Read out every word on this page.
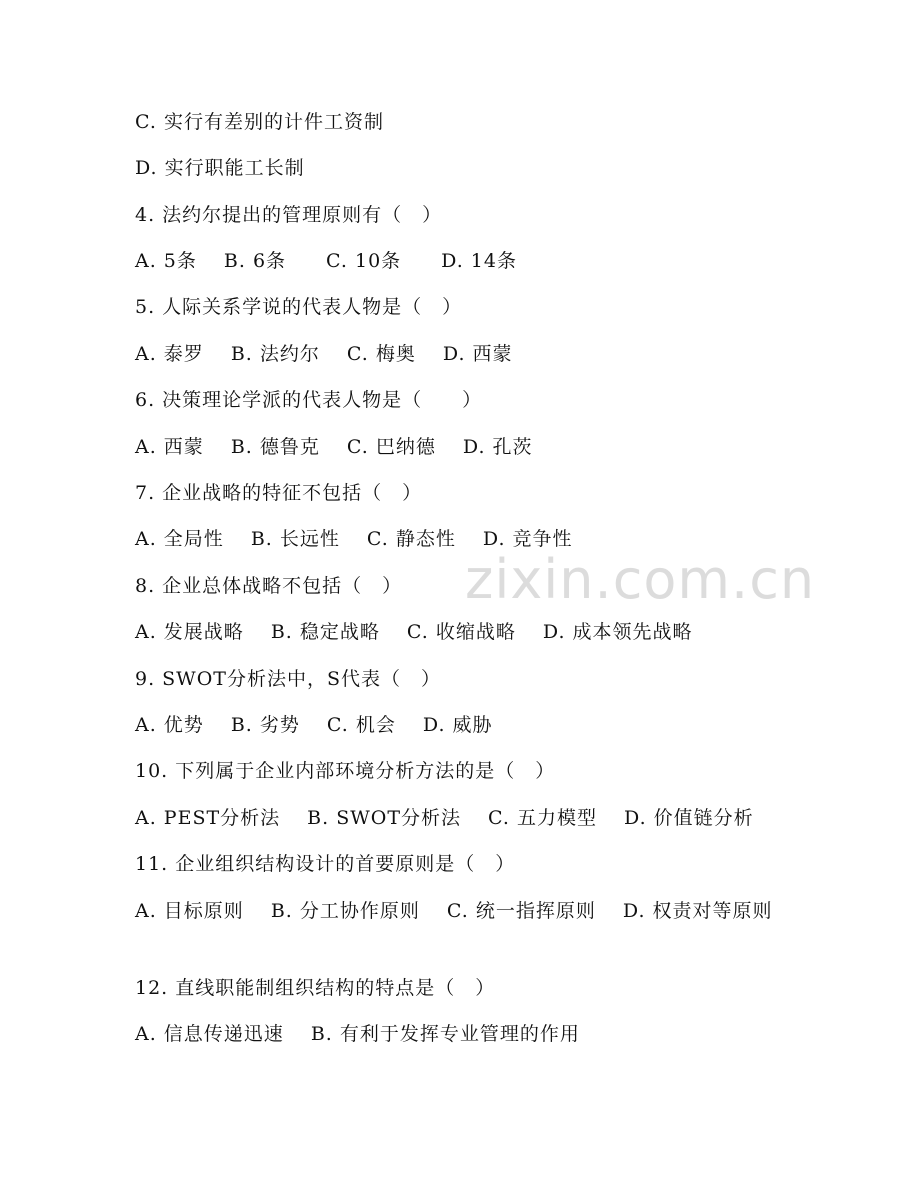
zixin.com.cn
C. 实行有差别的计件工资制
D. 实行职能工长制
4. 法约尔提出的管理原则有（　）
A. 5条　 B. 6条　　C. 10条　　D. 14条
5. 人际关系学说的代表人物是（　）
A. 泰罗　 B. 法约尔　 C. 梅奥　 D. 西蒙
6. 决策理论学派的代表人物是（　　）
A. 西蒙　 B. 德鲁克　 C. 巴纳德　 D. 孔茨
7. 企业战略的特征不包括（　）
A. 全局性　 B. 长远性　 C. 静态性　 D. 竞争性
8. 企业总体战略不包括（　）
A. 发展战略　 B. 稳定战略　 C. 收缩战略　 D. 成本领先战略
9. SWOT分析法中，S代表（　）
A. 优势　 B. 劣势　 C. 机会　 D. 威胁
10. 下列属于企业内部环境分析方法的是（　）
A. PEST分析法　 B. SWOT分析法　 C. 五力模型　 D. 价值链分析
11. 企业组织结构设计的首要原则是（　）
A. 目标原则　 B. 分工协作原则　 C. 统一指挥原则　 D. 权责对等原则
12. 直线职能制组织结构的特点是（　）
A. 信息传递迅速　 B. 有利于发挥专业管理的作用
